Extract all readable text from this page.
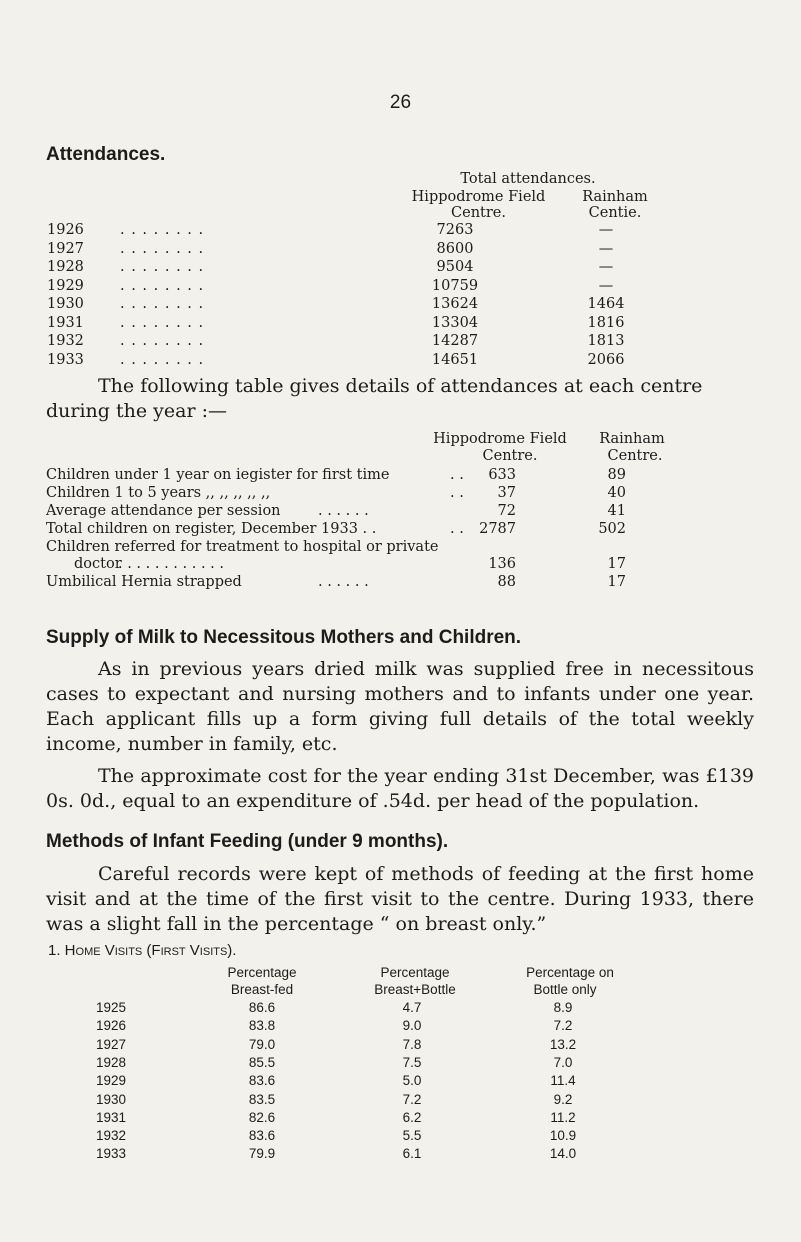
26
Attendances.
Total attendances.
Hippodrome Field
Centre.
Rainham
Centie.
1926 . . . . . . . .	7263	—
1927 . . . . . . . .	8600	—
1928 . . . . . . . .	9504	—
1929 . . . . . . . .	10759	—
1930 . . . . . . . .	13624	1464
1931 . . . . . . . .	13304	1816
1932 . . . . . . . .	14287	1813
1933 . . . . . . . .	14651	2066
The following table gives details of attendances at each centre
during the year :—
Hippodrome Field
Centre.
Rainham
Centre.
Children under 1 year on iegister for first time	. .	633	89
Children 1 to 5 years ,, ,, ,, ,, ,,	. .	37	40
Average attendance per session	. . . . . .	72	41
Total children on register, December 1933 . .	. .	2787	502
Children referred for treatment to hospital or private
doctor
. . . . . . . . . . . .	136	17
Umbilical Hernia strapped	. . . . . .	88	17
Supply of Milk to Necessitous Mothers and Children.

As in previous years dried milk was supplied free in necessitous cases to expectant and nursing mothers and to infants under one year. Each applicant fills up a form giving full details of the total weekly income, number in family, etc.

The approximate cost for the year ending 31st December, was £139 0s. 0d., equal to an expenditure of .54d. per head of the population.

Methods of Infant Feeding (under 9 months).

Careful records were kept of methods of feeding at the first home visit and at the time of the first visit to the centre. During 1933, there was a slight fall in the percentage “ on breast only.”

1. Home Visits (First Visits).
Percentage
Breast-fed
Percentage
Breast+Bottle
Percentage on
Bottle only
1925	86.6	4.7	8.9
1926	83.8	9.0	7.2
1927	79.0	7.8	13.2
1928	85.5	7.5	7.0
1929	83.6	5.0	11.4
1930	83.5	7.2	9.2
1931	82.6	6.2	11.2
1932	83.6	5.5	10.9
1933	79.9	6.1	14.0
